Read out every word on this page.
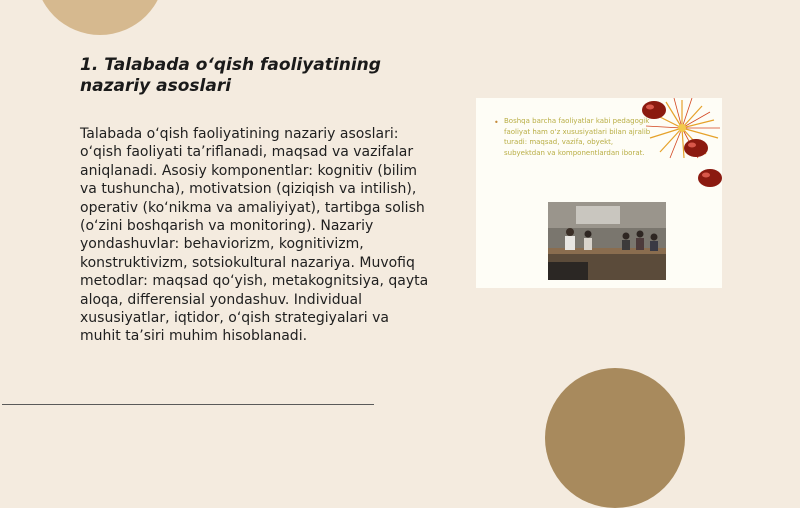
1. Talabada o‘qish faoliyatining nazariy asoslari

Talabada o‘qish faoliyatining nazariy asoslari: o‘qish faoliyati ta’riflanadi, maqsad va vazifalar aniqlanadi. Asosiy komponentlar: kognitiv (bilim va tushuncha), motivatsion (qiziqish va intilish), operativ (ko‘nikma va amaliyiyat), tartibga solish (o‘zini boshqarish va monitoring). Nazariy yondashuvlar: behaviorizm, kognitivizm, konstruktivizm, sotsiokultural nazariya. Muvofiq metodlar: maqsad qo‘yish, metakognitsiya, qayta aloqa, differensial yondashuv. Individual xususiyatlar, iqtidor, o‘qish strategiyalari va muhit ta’siri muhim hisoblanadi.

• Boshqa barcha faoliyatlar kabi pedagogik faoliyat ham o‘z xususiyatlari bilan ajralib turadi: maqsad, vazifa, obyekt, subyektdan va komponentlardan iborat.
